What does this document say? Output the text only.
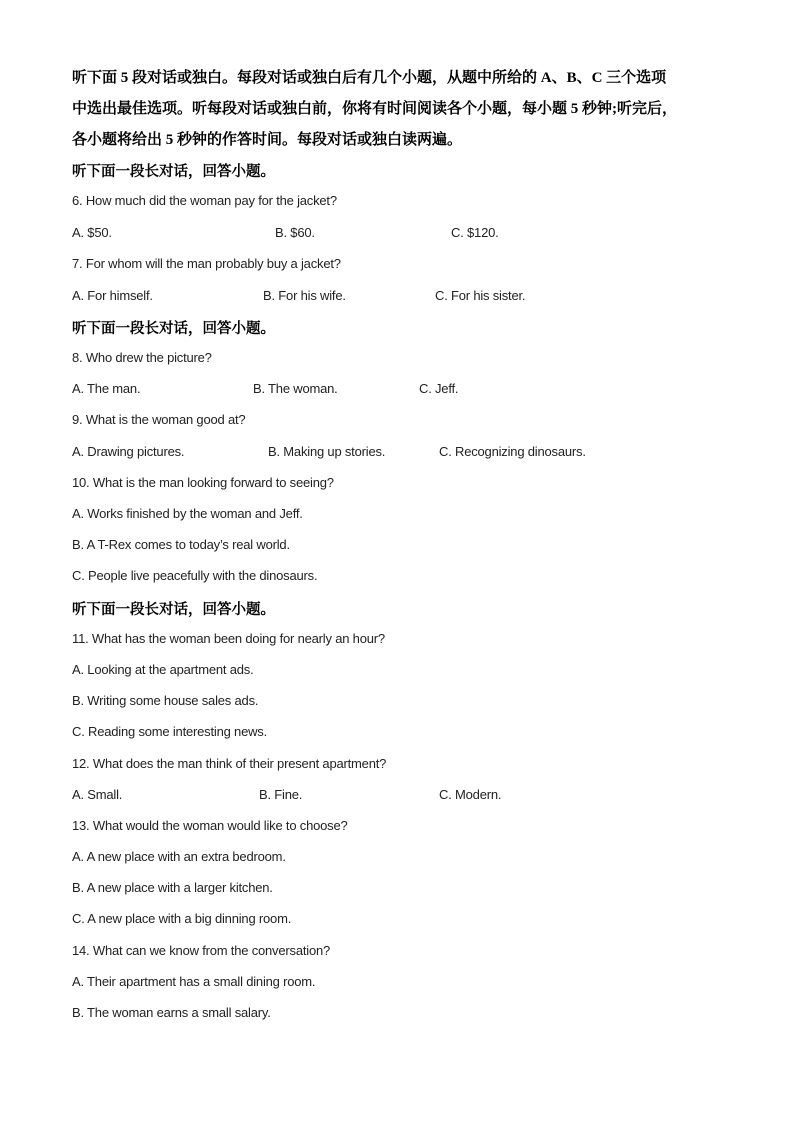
听下面 5 段对话或独白。每段对话或独白后有几个小题，从题中所给的 A、B、C 三个选项
中选出最佳选项。听每段对话或独白前，你将有时间阅读各个小题，每小题 5 秒钟;听完后，
各小题将给出 5 秒钟的作答时间。每段对话或独白读两遍。
听下面一段长对话，回答小题。
6. How much did the woman pay for the jacket?
A. $50.	B. $60.	C. $120.
7. For whom will the man probably buy a jacket?
A. For himself.	B. For his wife.	C. For his sister.
听下面一段长对话，回答小题。
8. Who drew the picture?
A. The man.	B. The woman.	C. Jeff.
9. What is the woman good at?
A. Drawing pictures.	B. Making up stories.	C. Recognizing dinosaurs.
10. What is the man looking forward to seeing?
A. Works finished by the woman and Jeff.
B. A T-Rex comes to today’s real world.
C. People live peacefully with the dinosaurs.
听下面一段长对话，回答小题。
11. What has the woman been doing for nearly an hour?
A. Looking at the apartment ads.
B. Writing some house sales ads.
C. Reading some interesting news.
12. What does the man think of their present apartment?
A. Small.	B. Fine.	C. Modern.
13. What would the woman would like to choose?
A. A new place with an extra bedroom.
B. A new place with a larger kitchen.
C. A new place with a big dinning room.
14. What can we know from the conversation?
A. Their apartment has a small dining room.
B. The woman earns a small salary.
